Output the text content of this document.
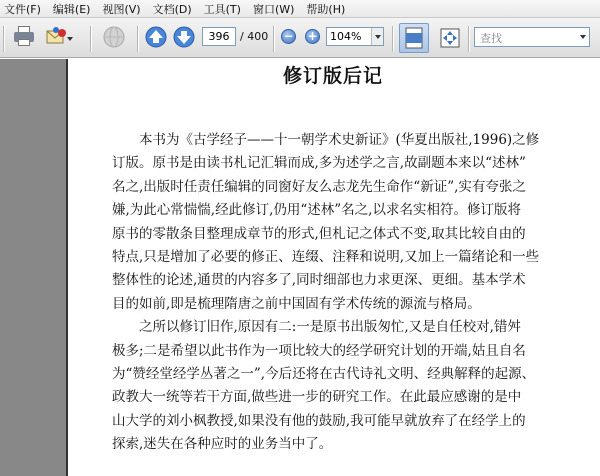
文件(F) 编辑(E) 视图(V) 文档(D) 工具(T) 窗口(W) 帮助(H)
396
/ 400 − +	104%	查找
修订版后记
本书为《古学经子——十一朝学术史新证》(华夏出版社,1996)之修
订版。原书是由读书札记汇辑而成,多为述学之言,故副题本来以“述林”
名之,出版时任责任编辑的同窗好友么志龙先生命作“新证”,实有夸张之
嫌,为此心常惴惴,经此修订,仍用“述林”名之,以求名实相符。修订版将
原书的零散条目整理成章节的形式,但札记之体式不变,取其比较自由的
特点,只是增加了必要的修正、连缀、注释和说明,又加上一篇绪论和一些
整体性的论述,通贯的内容多了,同时细部也力求更深、更细。基本学术
目的如前,即是梳理隋唐之前中国固有学术传统的源流与格局。
之所以修订旧作,原因有二:一是原书出版匆忙,又是自任校对,错舛
极多;二是希望以此书作为一项比较大的经学研究计划的开端,姑且自名
为“赞经堂经学丛著之一”,今后还将在古代诗礼文明、经典解释的起源、
政教大一统等若干方面,做些进一步的研究工作。在此最应感谢的是中
山大学的刘小枫教授,如果没有他的鼓励,我可能早就放弃了在经学上的
探索,迷失在各种应时的业务当中了。
